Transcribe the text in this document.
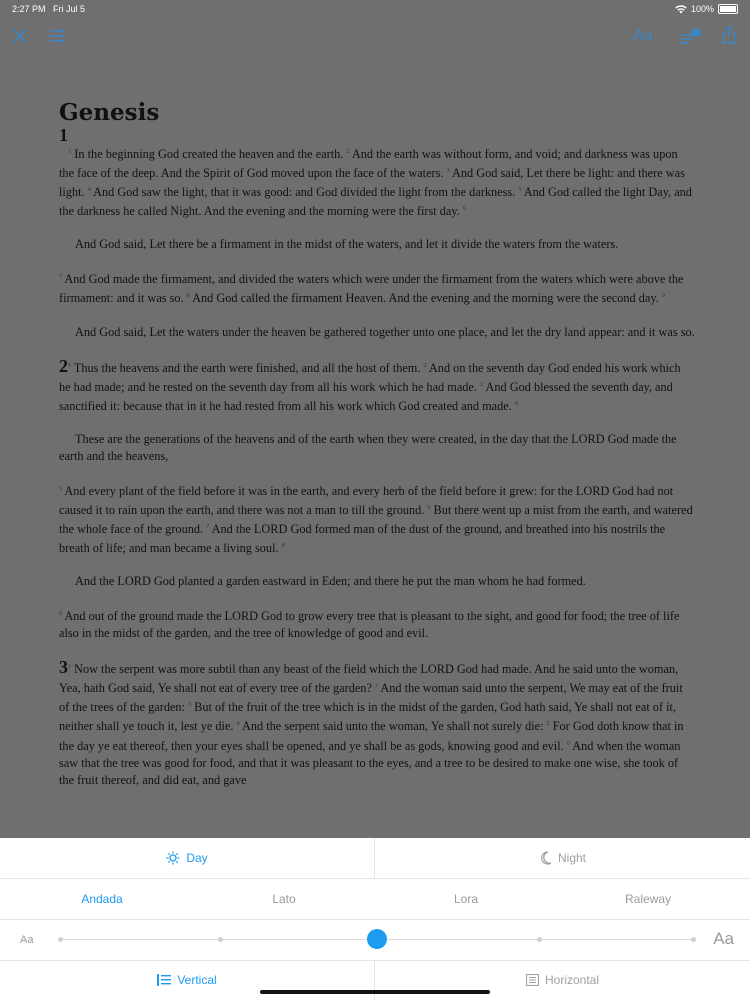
2:27 PM Fri Jul 5	100%
Aa
Genesis
1

$^1$ In the beginning God created the heaven and the earth. $^2$ And the earth was without form, and void; and darkness was upon the face of the deep. And the Spirit of God moved upon the face of the waters. $^3$ And God said, Let there be light: and there was light. $^4$ And God saw the light, that it was good: and God divided the light from the darkness. $^5$ And God called the light Day, and the darkness he called Night. And the evening and the morning were the first day. $^6$

And God said, Let there be a firmament in the midst of the waters, and let it divide the waters from the waters.

$^7$ And God made the firmament, and divided the waters which were under the firmament from the waters which were above the firmament: and it was so. $^8$ And God called the firmament Heaven. And the evening and the morning were the second day. $^9$

And God said, Let the waters under the heaven be gathered together unto one place, and let the dry land appear: and it was so.

$2^1$ Thus the heavens and the earth were finished, and all the host of them. $^2$ And on the seventh day God ended his work which he had made; and he rested on the seventh day from all his work which he had made. $^3$ And God blessed the seventh day, and sanctified it: because that in it he had rested from all his work which God created and made. $^4$

These are the generations of the heavens and of the earth when they were created, in the day that the LORD God made the earth and the heavens,

$^5$ And every plant of the field before it was in the earth, and every herb of the field before it grew: for the LORD God had not caused it to rain upon the earth, and there was not a man to till the ground. $^6$ But there went up a mist from the earth, and watered the whole face of the ground. $^7$ And the LORD God formed man of the dust of the ground, and breathed into his nostrils the breath of life; and man became a living soul. $^8$

And the LORD God planted a garden eastward in Eden; and there he put the man whom he had formed.

$^9$ And out of the ground made the LORD God to grow every tree that is pleasant to the sight, and good for food; the tree of life also in the midst of the garden, and the tree of knowledge of good and evil.

$3^1$ Now the serpent was more subtil than any beast of the field which the LORD God had made. And he said unto the woman, Yea, hath God said, Ye shall not eat of every tree of the garden? $^2$ And the woman said unto the serpent, We may eat of the fruit of the trees of the garden: $^3$ But of the fruit of the tree which is in the midst of the garden, God hath said, Ye shall not eat of it, neither shall ye touch it, lest ye die. $^4$ And the serpent said unto the woman, Ye shall not surely die: $^5$ For God doth know that in the day ye eat thereof, then your eyes shall be opened, and ye shall be as gods, knowing good and evil. $^6$ And when the woman saw that the tree was good for food, and that it was pleasant to the eyes, and a tree to be desired to make one wise, she took of the fruit thereof, and did eat, and gave

Day	Night
Andada	Lato	Lora	Raleway
Aa	Aa
Vertical	Horizontal
